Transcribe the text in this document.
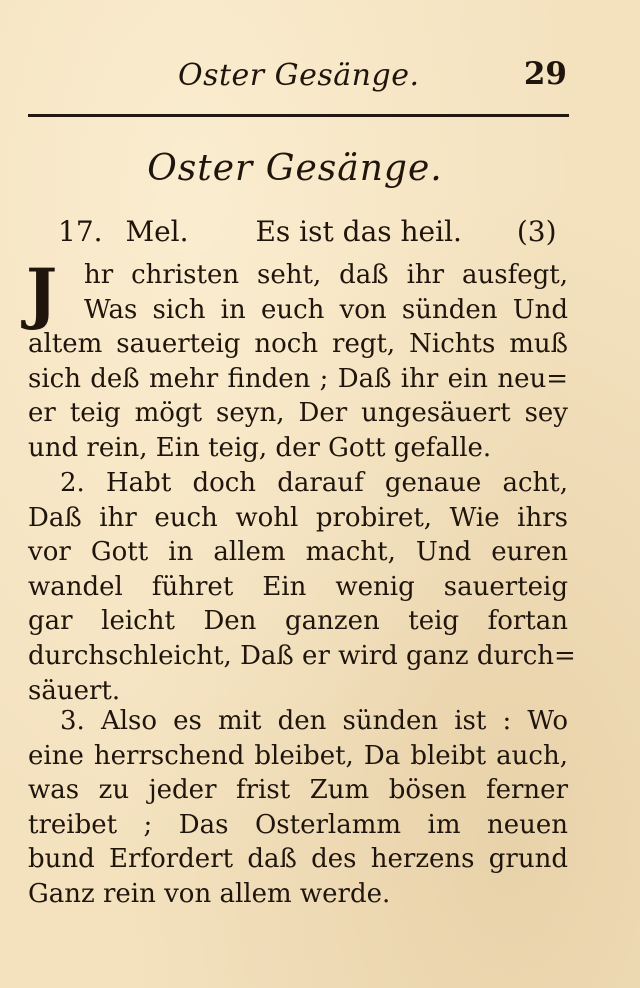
Oster Gesänge.	29
Oster Gesänge.
17. Mel. Es ist das heil. (3)
J	hr christen seht, daß ihr ausfegt,
Was sich in euch von sünden Und
altem sauerteig noch regt, Nichts muß
sich deß mehr finden ; Daß ihr ein neu=
er teig mögt seyn, Der ungesäuert sey
und rein, Ein teig, der Gott gefalle.
2. Habt doch darauf genaue acht,
Daß ihr euch wohl probiret, Wie ihrs
vor Gott in allem macht, Und euren
wandel führet Ein wenig sauerteig
gar leicht Den ganzen teig fortan
durchschleicht, Daß er wird ganz durch=
säuert.
3. Also es mit den sünden ist : Wo
eine herrschend bleibet, Da bleibt auch,
was zu jeder frist Zum bösen ferner
treibet ; Das Osterlamm im neuen
bund Erfordert daß des herzens grund
Ganz rein von allem werde.
